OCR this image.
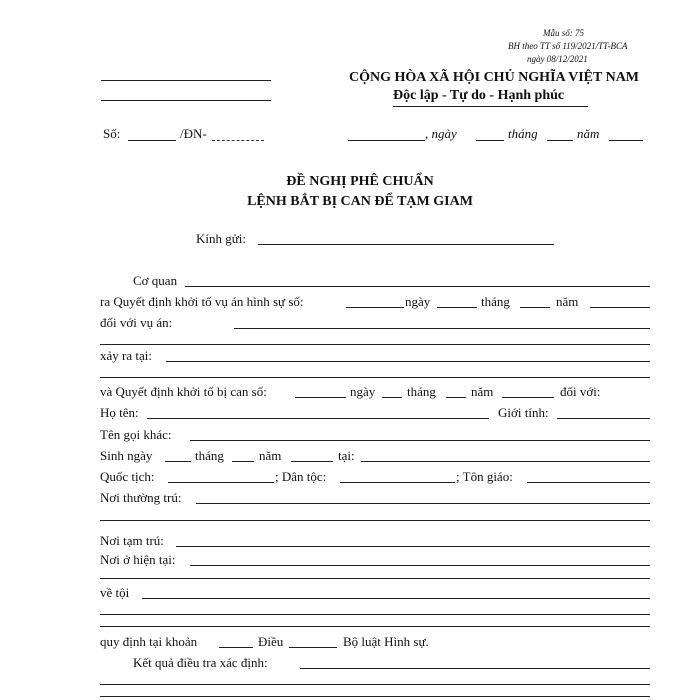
Mẫu số: 75
BH theo TT số 119/2021/TT-BCA
ngày 08/12/2021
CỘNG HÒA XÃ HỘI CHỦ NGHĨA VIỆT NAM
Độc lập - Tự do - Hạnh phúc
Số:	/ĐN-	, ngày	tháng	năm
ĐỀ NGHỊ PHÊ CHUẨN
LỆNH BẮT BỊ CAN ĐỂ TẠM GIAM
Kính gửi:
Cơ quan
ra Quyết định khởi tố vụ án hình sự số:	ngày	tháng	năm
đối với vụ án:
xảy ra tại:
và Quyết định khởi tố bị can số:	ngày tháng	năm	đối với:
Họ tên:	Giới tính:
Tên gọi khác:
Sinh ngày	tháng	năm	tại:
Quốc tịch:	; Dân tộc:	; Tôn giáo:
Nơi thường trú:
Nơi tạm trú:
Nơi ở hiện tại:
về tội
quy định tại khoản	Điều	Bộ luật Hình sự.
Kết quả điều tra xác định:
